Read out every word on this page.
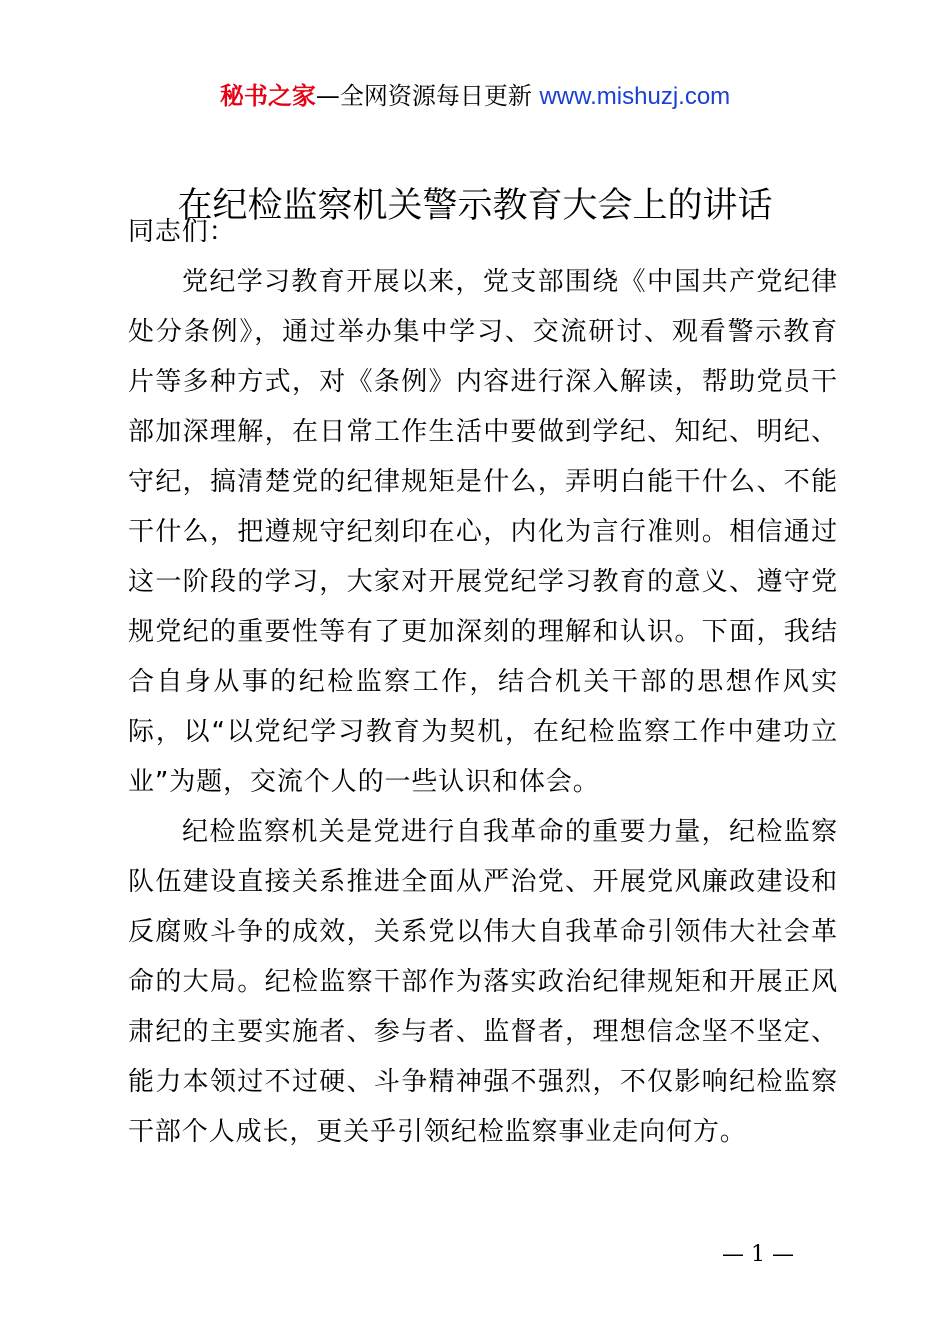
秘书之家—全网资源每日更新 www.mishuzj.com
在纪检监察机关警示教育大会上的讲话

同志们：

党纪学习教育开展以来，党支部围绕《中国共产党纪律处分条例》，通过举办集中学习、交流研讨、观看警示教育片等多种方式，对《条例》内容进行深入解读，帮助党员干部加深理解，在日常工作生活中要做到学纪、知纪、明纪、守纪，搞清楚党的纪律规矩是什么，弄明白能干什么、不能干什么，把遵规守纪刻印在心，内化为言行准则。相信通过这一阶段的学习，大家对开展党纪学习教育的意义、遵守党规党纪的重要性等有了更加深刻的理解和认识。下面，我结合自身从事的纪检监察工作，结合机关干部的思想作风实际，以“以党纪学习教育为契机，在纪检监察工作中建功立业”为题，交流个人的一些认识和体会。

纪检监察机关是党进行自我革命的重要力量，纪检监察队伍建设直接关系推进全面从严治党、开展党风廉政建设和反腐败斗争的成效，关系党以伟大自我革命引领伟大社会革命的大局。纪检监察干部作为落实政治纪律规矩和开展正风肃纪的主要实施者、参与者、监督者，理想信念坚不坚定、能力本领过不过硬、斗争精神强不强烈，不仅影响纪检监察干部个人成长，更关乎引领纪检监察事业走向何方。

— 1 —
